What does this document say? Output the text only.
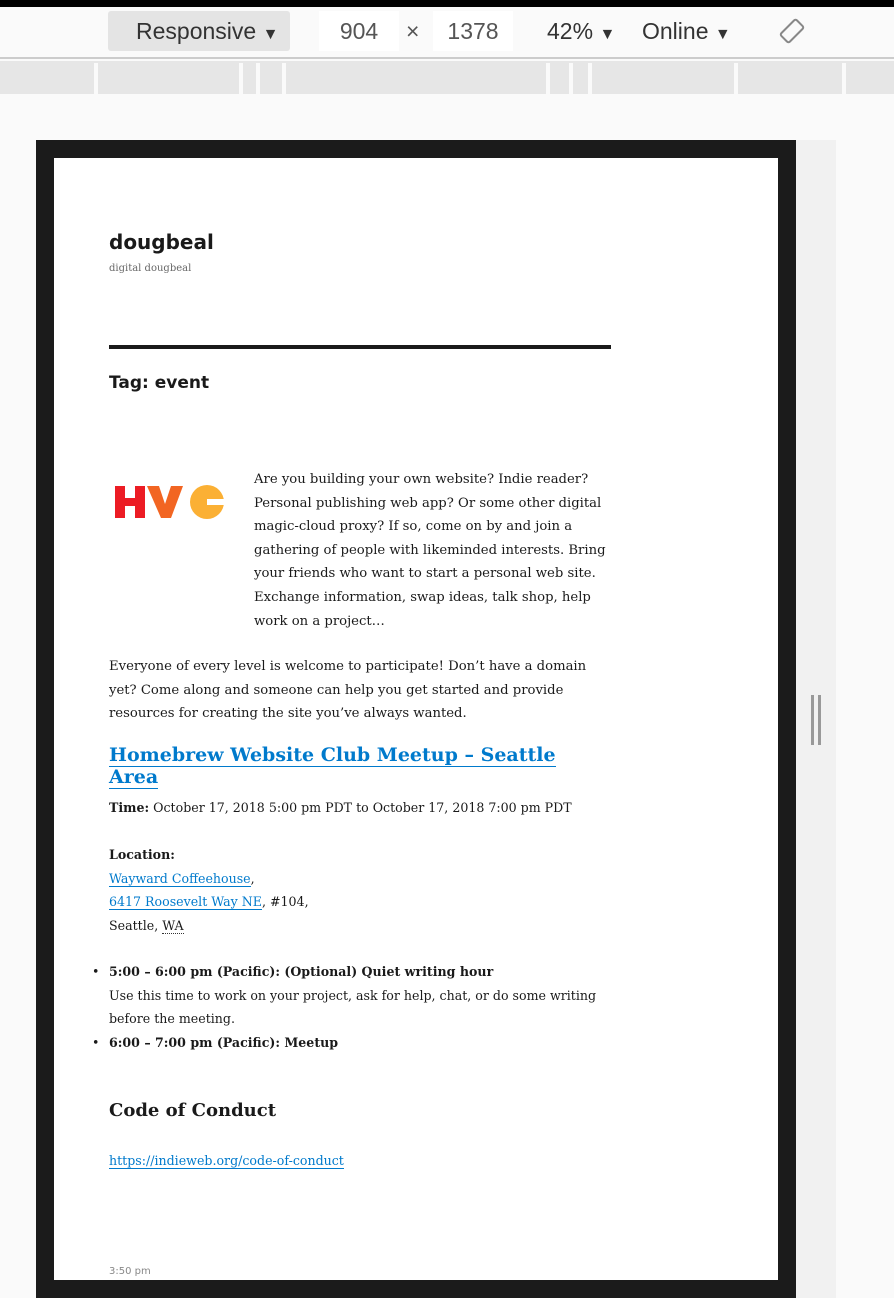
Responsive ▼	904	×	1378	42% ▼ Online ▼
dougbeal
digital dougbeal
Tag: event
Are you building your own website? Indie reader? Personal publishing web app? Or some other digital magic-cloud proxy? If so, come on by and join a gathering of people with likeminded interests. Bring your friends who want to start a personal web site. Exchange information, swap ideas, talk shop, help work on a project…
Everyone of every level is welcome to participate! Don’t have a domain yet? Come along and someone can help you get started and provide resources for creating the site you’ve always wanted.
Homebrew Website Club Meetup – Seattle Area
Time: October 17, 2018 5:00 pm PDT to October 17, 2018 7:00 pm PDT
Location:
Wayward Coffeehouse,
6417 Roosevelt Way NE, #104,
Seattle, WA
• 5:00 – 6:00 pm (Pacific): (Optional) Quiet writing hour
Use this time to work on your project, ask for help, chat, or do some writing before the meeting.
• 6:00 – 7:00 pm (Pacific): Meetup
Code of Conduct
https://indieweb.org/code-of-conduct
3:50 pm
